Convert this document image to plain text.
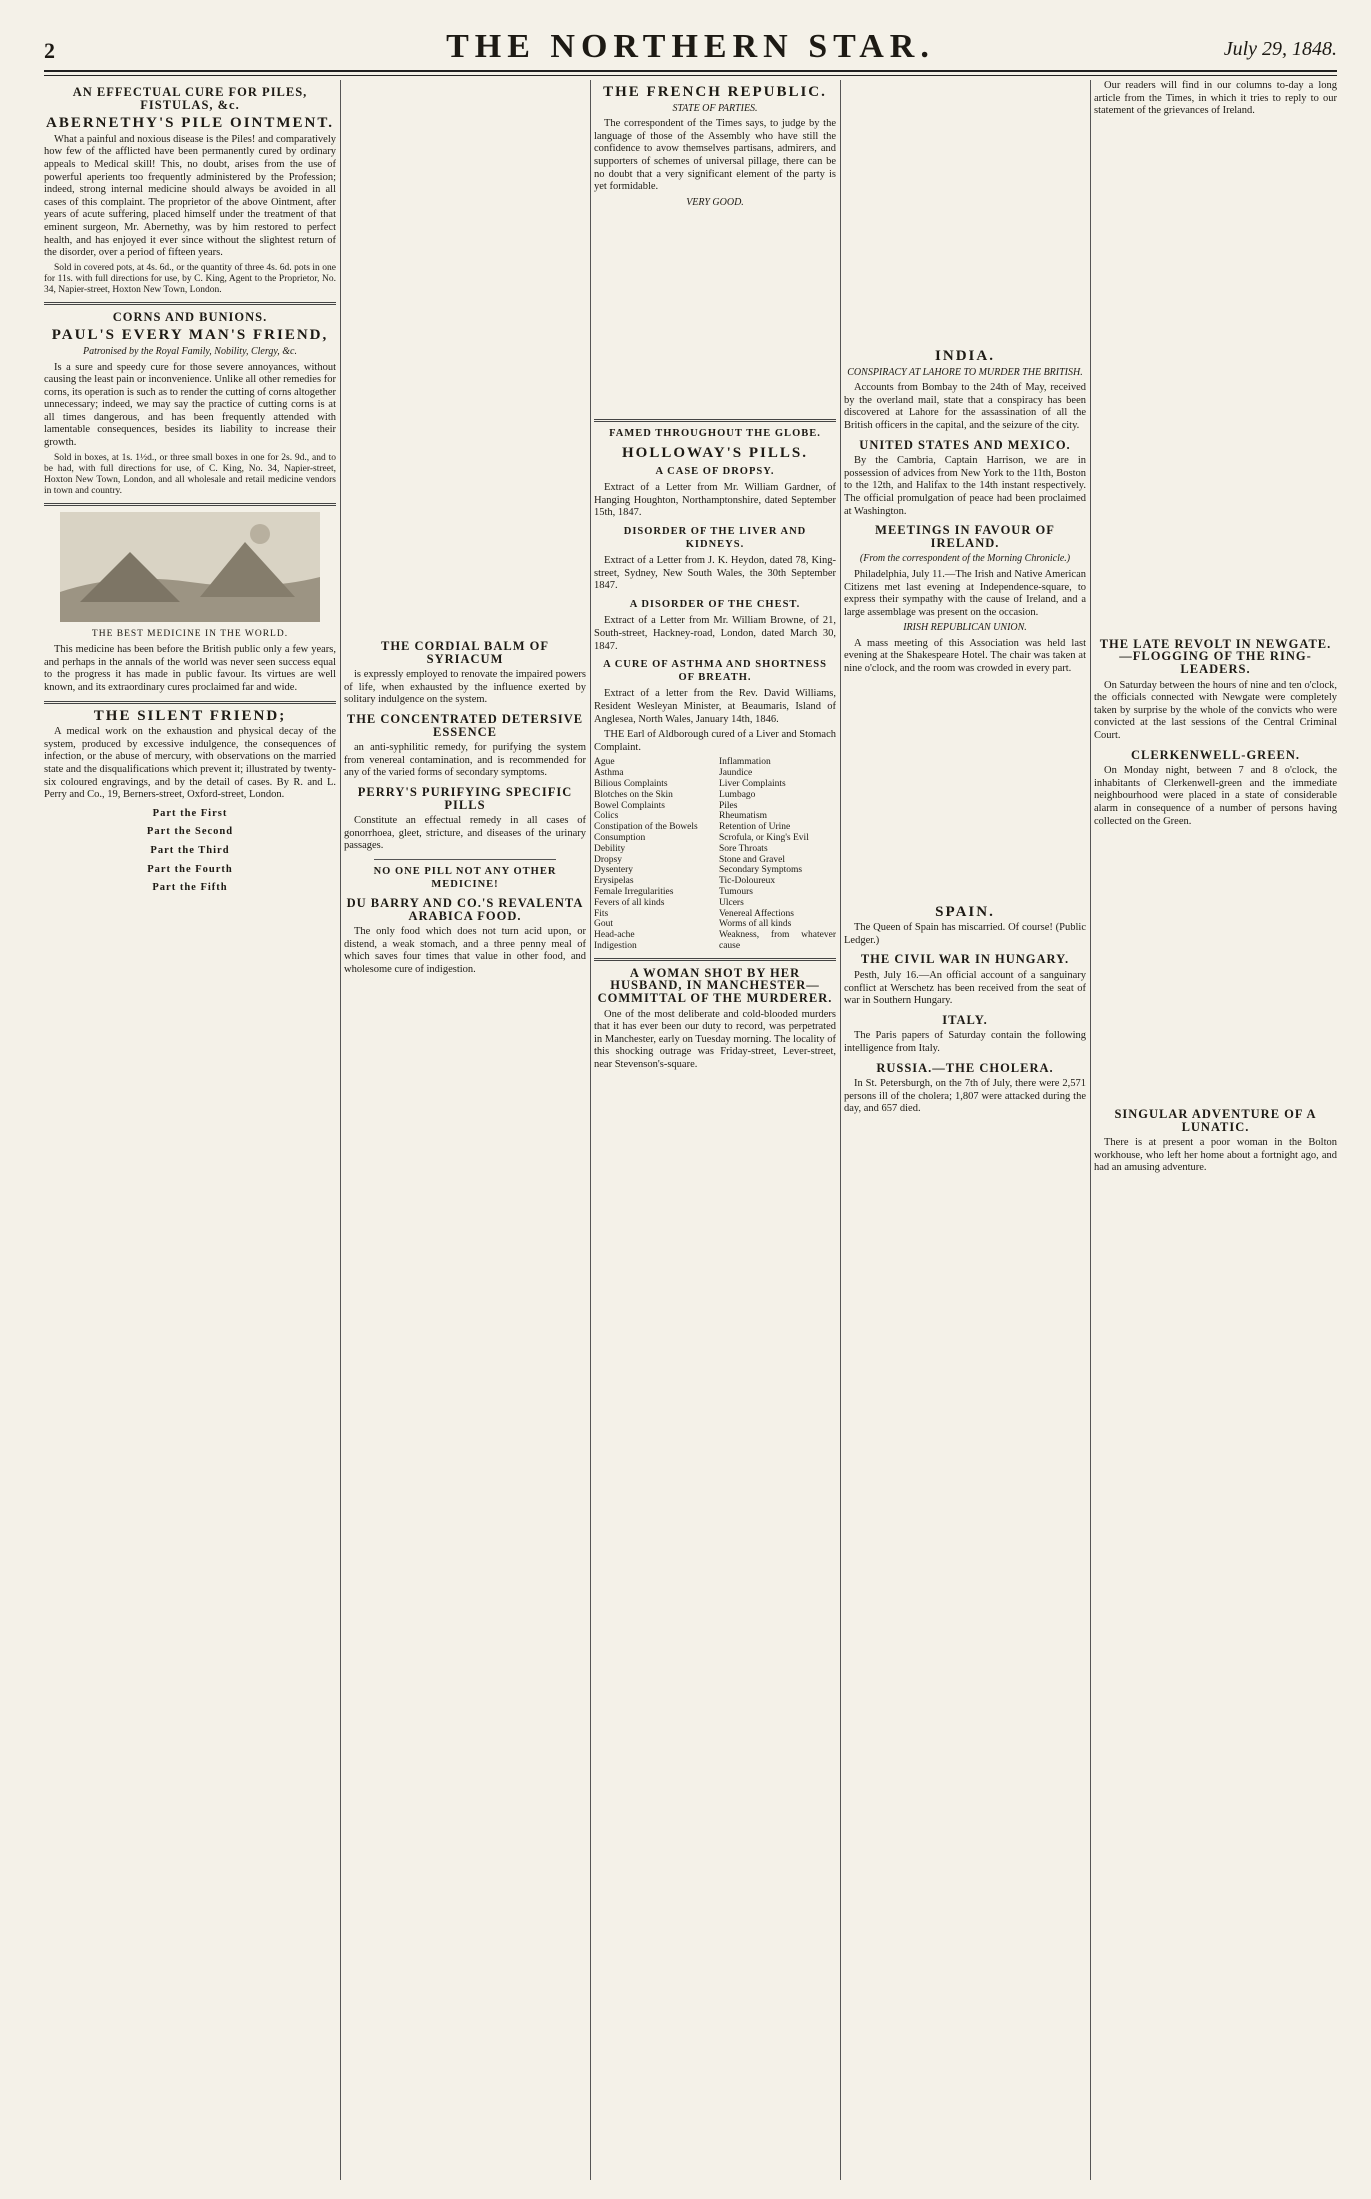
2	THE NORTHERN STAR.	July 29, 1848.
AN EFFECTUAL CURE FOR PILES, FISTULAS, &c.
ABERNETHY'S PILE OINTMENT.

What a painful and noxious disease is the Piles! and comparatively how few of the afflicted have been permanently cured by ordinary appeals to Medical skill! This, no doubt, arises from the use of powerful aperients too frequently administered by the Profession; indeed, strong internal medicine should always be avoided in all cases of this complaint. The proprietor of the above Ointment, after years of acute suffering, placed himself under the treatment of that eminent surgeon, Mr. Abernethy, was by him restored to perfect health, and has enjoyed it ever since without the slightest return of the disorder, over a period of fifteen years.

Sold in covered pots, at 4s. 6d., or the quantity of three 4s. 6d. pots in one for 11s. with full directions for use, by C. King, Agent to the Proprietor, No. 34, Napier-street, Hoxton New Town, London.

CORNS AND BUNIONS.
PAUL'S EVERY MAN'S FRIEND,
Patronised by the Royal Family, Nobility, Clergy, &c.

Is a sure and speedy cure for those severe annoyances, without causing the least pain or inconvenience. Unlike all other remedies for corns, its operation is such as to render the cutting of corns altogether unnecessary; indeed, we may say the practice of cutting corns is at all times dangerous, and has been frequently attended with lamentable consequences, besides its liability to increase their growth.

Sold in boxes, at 1s. 1½d., or three small boxes in one for 2s. 9d., and to be had, with full directions for use, of C. King, No. 34, Napier-street, Hoxton New Town, London, and all wholesale and retail medicine vendors in town and country.

THE BEST MEDICINE IN THE WORLD.

This medicine has been before the British public only a few years, and perhaps in the annals of the world was never seen success equal to the progress it has made in public favour. Its virtues are well known, and its extraordinary cures proclaimed far and wide.

THE SILENT FRIEND;

A medical work on the exhaustion and physical decay of the system, produced by excessive indulgence, the consequences of infection, or the abuse of mercury, with observations on the married state and the disqualifications which prevent it; illustrated by twenty-six coloured engravings, and by the detail of cases. By R. and L. Perry and Co., 19, Berners-street, Oxford-street, London.

Part the First
Part the Second
Part the Third
Part the Fourth
Part the Fifth
THE CORDIAL BALM OF SYRIACUM

is expressly employed to renovate the impaired powers of life, when exhausted by the influence exerted by solitary indulgence on the system.

THE CONCENTRATED DETERSIVE ESSENCE

an anti-syphilitic remedy, for purifying the system from venereal contamination, and is recommended for any of the varied forms of secondary symptoms.

PERRY'S PURIFYING SPECIFIC PILLS

Constitute an effectual remedy in all cases of gonorrhoea, gleet, stricture, and diseases of the urinary passages.

NO ONE PILL NOT ANY OTHER MEDICINE!
DU BARRY AND CO.'S REVALENTA ARABICA FOOD.

The only food which does not turn acid upon, or distend, a weak stomach, and a three penny meal of which saves four times that value in other food, and wholesome cure of indigestion.

THE FRENCH REPUBLIC.
STATE OF PARTIES.

The correspondent of the Times says, to judge by the language of those of the Assembly who have still the confidence to avow themselves partisans, admirers, and supporters of schemes of universal pillage, there can be no doubt that a very significant element of the party is yet formidable.

VERY GOOD.
FAMED THROUGHOUT THE GLOBE.
HOLLOWAY'S PILLS.
A CASE OF DROPSY.

Extract of a Letter from Mr. William Gardner, of Hanging Houghton, Northamptonshire, dated September 15th, 1847.

DISORDER OF THE LIVER AND KIDNEYS.

Extract of a Letter from J. K. Heydon, dated 78, King-street, Sydney, New South Wales, the 30th September 1847.

A DISORDER OF THE CHEST.

Extract of a Letter from Mr. William Browne, of 21, South-street, Hackney-road, London, dated March 30, 1847.

A CURE OF ASTHMA AND SHORTNESS OF BREATH.

Extract of a letter from the Rev. David Williams, Resident Wesleyan Minister, at Beaumaris, Island of Anglesea, North Wales, January 14th, 1846.

THE Earl of Aldborough cured of a Liver and Stomach Complaint.

Ague
Asthma
Bilious Complaints
Blotches on the Skin
Bowel Complaints
Colics
Constipation of the Bowels
Consumption
Debility
Dropsy
Dysentery
Erysipelas
Female Irregularities
Fevers of all kinds
Fits
Gout
Head-ache
Indigestion
Inflammation
Jaundice
Liver Complaints
Lumbago
Piles
Rheumatism
Retention of Urine
Scrofula, or King's Evil
Sore Throats
Stone and Gravel
Secondary Symptoms
Tic-Doloureux
Tumours
Ulcers
Venereal Affections
Worms of all kinds
Weakness, from whatever cause
A WOMAN SHOT BY HER HUSBAND, IN MANCHESTER—COMMITTAL OF THE MURDERER.

One of the most deliberate and cold-blooded murders that it has ever been our duty to record, was perpetrated in Manchester, early on Tuesday morning. The locality of this shocking outrage was Friday-street, Lever-street, near Stevenson's-square.

INDIA.
CONSPIRACY AT LAHORE TO MURDER THE BRITISH.

Accounts from Bombay to the 24th of May, received by the overland mail, state that a conspiracy has been discovered at Lahore for the assassination of all the British officers in the capital, and the seizure of the city.

UNITED STATES AND MEXICO.

By the Cambria, Captain Harrison, we are in possession of advices from New York to the 11th, Boston to the 12th, and Halifax to the 14th instant respectively. The official promulgation of peace had been proclaimed at Washington.

MEETINGS IN FAVOUR OF IRELAND.
(From the correspondent of the Morning Chronicle.)

Philadelphia, July 11.—The Irish and Native American Citizens met last evening at Independence-square, to express their sympathy with the cause of Ireland, and a large assemblage was present on the occasion.

IRISH REPUBLICAN UNION.

A mass meeting of this Association was held last evening at the Shakespeare Hotel. The chair was taken at nine o'clock, and the room was crowded in every part.

SPAIN.

The Queen of Spain has miscarried. Of course! (Public Ledger.)

THE CIVIL WAR IN HUNGARY.

Pesth, July 16.—An official account of a sanguinary conflict at Werschetz has been received from the seat of war in Southern Hungary.

ITALY.

The Paris papers of Saturday contain the following intelligence from Italy.

RUSSIA.—THE CHOLERA.

In St. Petersburgh, on the 7th of July, there were 2,571 persons ill of the cholera; 1,807 were attacked during the day, and 657 died.

Our readers will find in our columns to-day a long article from the Times, in which it tries to reply to our statement of the grievances of Ireland.

THE LATE REVOLT IN NEWGATE.—FLOGGING OF THE RING-LEADERS.

On Saturday between the hours of nine and ten o'clock, the officials connected with Newgate were completely taken by surprise by the whole of the convicts who were convicted at the last sessions of the Central Criminal Court.

CLERKENWELL-GREEN.

On Monday night, between 7 and 8 o'clock, the inhabitants of Clerkenwell-green and the immediate neighbourhood were placed in a state of considerable alarm in consequence of a number of persons having collected on the Green.

SINGULAR ADVENTURE OF A LUNATIC.

There is at present a poor woman in the Bolton workhouse, who left her home about a fortnight ago, and had an amusing adventure.
